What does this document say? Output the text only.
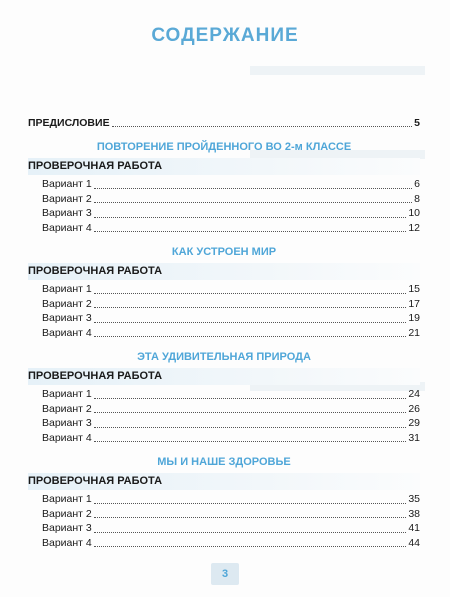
СОДЕРЖАНИЕ
ПРЕДИСЛОВИЕ	5
ПОВТОРЕНИЕ ПРОЙДЕННОГО ВО 2-м КЛАССЕ
ПРОВЕРОЧНАЯ РАБОТА
Вариант 1	6
Вариант 2	8
Вариант 3	10
Вариант 4	12
КАК УСТРОЕН МИР
ПРОВЕРОЧНАЯ РАБОТА
Вариант 1	15
Вариант 2	17
Вариант 3	19
Вариант 4	21
ЭТА УДИВИТЕЛЬНАЯ ПРИРОДА
ПРОВЕРОЧНАЯ РАБОТА
Вариант 1	24
Вариант 2	26
Вариант 3	29
Вариант 4	31
МЫ И НАШЕ ЗДОРОВЬЕ
ПРОВЕРОЧНАЯ РАБОТА
Вариант 1	35
Вариант 2	38
Вариант 3	41
Вариант 4	44
3
